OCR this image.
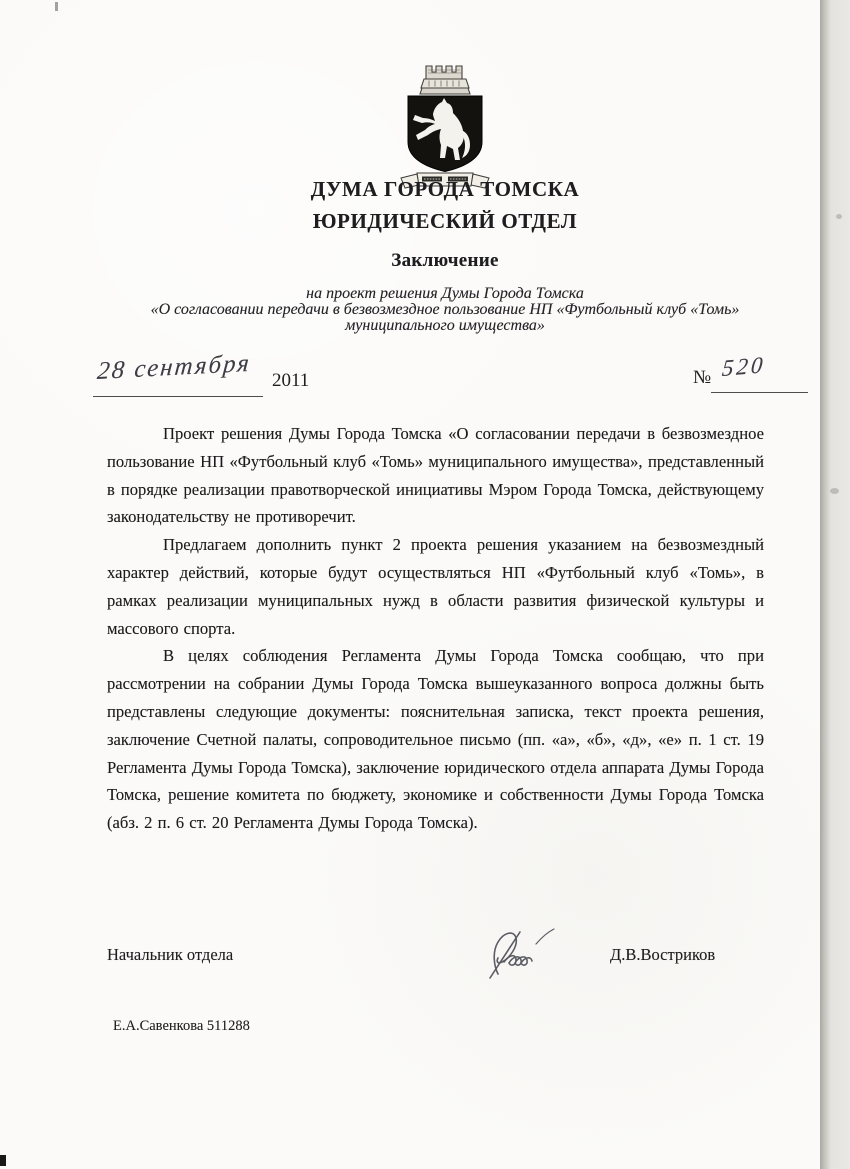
ДУМА ГОРОДА ТОМСКА
ЮРИДИЧЕСКИЙ ОТДЕЛ
Заключение
на проект решения Думы Города Томска
«О согласовании передачи в безвозмездное пользование НП «Футбольный клуб «Томь»
муниципального имущества»
28 сентября 2011	№ 520

Проект решения Думы Города Томска «О согласовании передачи в безвозмездное пользование НП «Футбольный клуб «Томь» муниципального имущества», представленный в порядке реализации правотворческой инициативы Мэром Города Томска, действующему законодательству не противоречит.

Предлагаем дополнить пункт 2 проекта решения указанием на безвозмездный характер действий, которые будут осуществляться НП «Футбольный клуб «Томь», в рамках реализации муниципальных нужд в области развития физической культуры и массового спорта.

В целях соблюдения Регламента Думы Города Томска сообщаю, что при рассмотрении на собрании Думы Города Томска вышеуказанного вопроса должны быть представлены следующие документы: пояснительная записка, текст проекта решения, заключение Счетной палаты, сопроводительное письмо (пп. «а», «б», «д», «е» п. 1 ст. 19 Регламента Думы Города Томска), заключение юридического отдела аппарата Думы Города Томска, решение комитета по бюджету, экономике и собственности Думы Города Томска (абз. 2 п. 6 ст. 20 Регламента Думы Города Томска).

Начальник отдела	Д.В.Востриков
Е.А.Савенкова 511288
